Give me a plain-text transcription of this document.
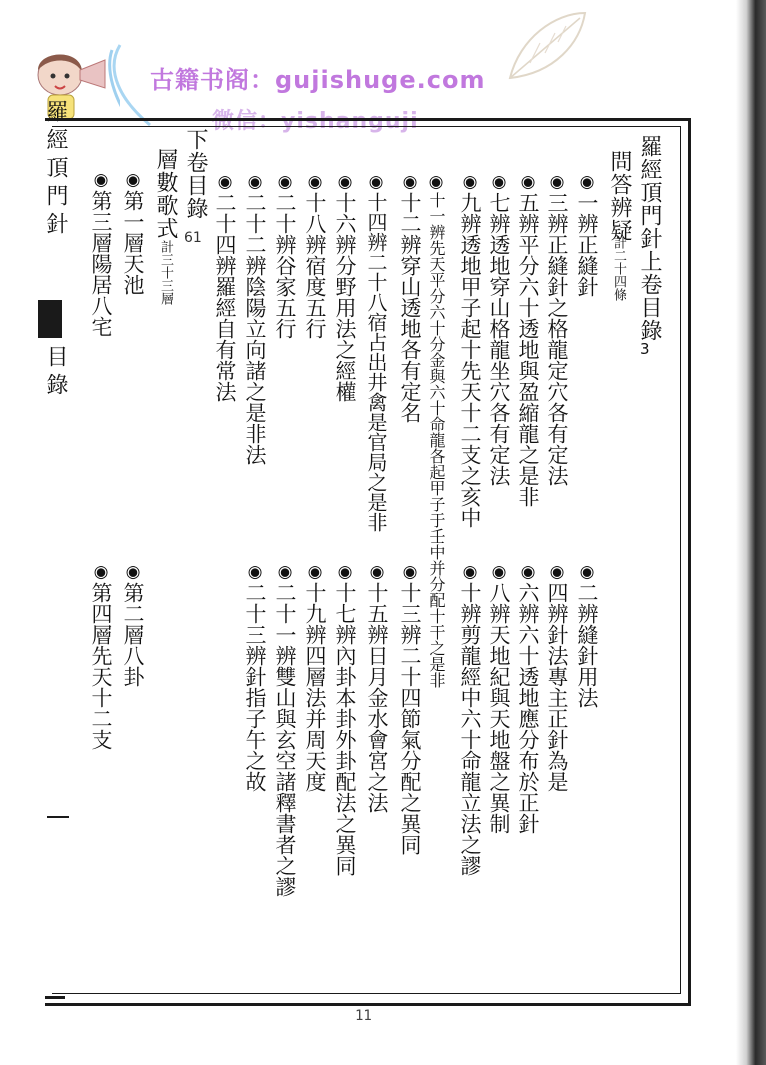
古籍书阁：gujishuge.com
微信：yishanguji
羅經頂門針
目錄
羅經頂門針上卷目錄
3
問答辨疑
計二十四條
◉一辨正縫針
◉三辨正縫針之格龍定穴各有定法
◉五辨平分六十透地與盈縮龍之是非
◉七辨透地穿山格龍坐穴各有定法
◉九辨透地甲子起十先天十二支之亥中
◉十一辨先天平分六十分金與六十命龍各起甲子于壬中并分配十干之是非
◉十二辨穿山透地各有定名
◉十四辨二十八宿占出井禽是官局之是非
◉十六辨分野用法之經權
◉十八辨宿度五行
◉二十辨谷家五行
◉二十二辨陰陽立向諸之是非法
◉二十四辨羅經自有常法
◉二辨縫針用法
◉四辨針法專主正針為是
◉六辨六十透地應分布於正針
◉八辨天地紀與天地盤之異制
◉十辨剪龍經中六十命龍立法之謬
◉十三辨二十四節氣分配之異同
◉十五辨日月金水會宮之法
◉十七辨內卦本卦外卦配法之異同
◉十九辨四層法并周天度
◉二十一辨雙山與玄空諸釋書者之謬
◉二十三辨針指子午之故
下卷目錄
61
層數歌式
計三十三層
◉第一層天池
◉第三層陽居八宅
◉第二層八卦
◉第四層先天十二支
11
